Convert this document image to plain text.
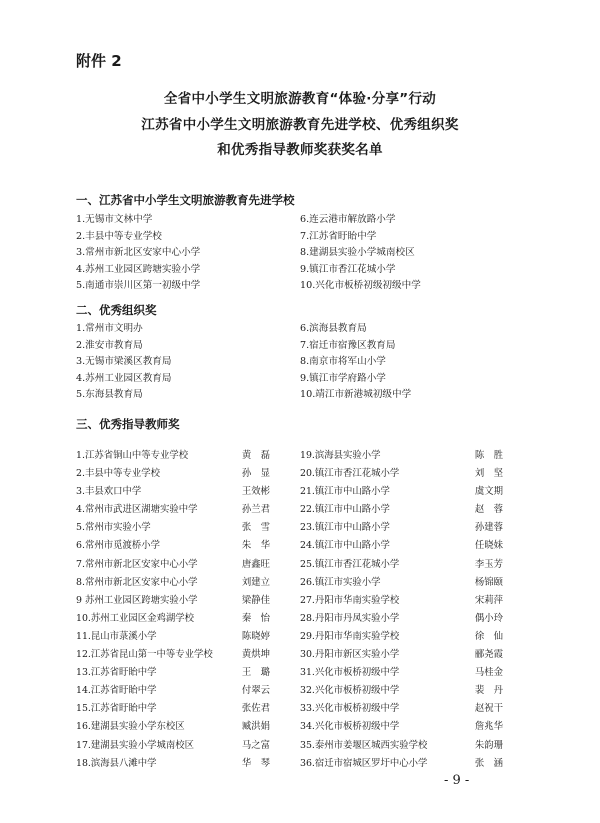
附件 2
全省中小学生文明旅游教育“体验·分享”行动
江苏省中小学生文明旅游教育先进学校、优秀组织奖
和优秀指导教师奖获奖名单
一、江苏省中小学生文明旅游教育先进学校
1.无锡市文林中学	6.连云港市解放路小学
2.丰县中等专业学校	7.江苏省盱眙中学
3.常州市新北区安家中心小学	8.建湖县实验小学城南校区
4.苏州工业园区跨塘实验小学	9.镇江市香江花城小学
5.南通市崇川区第一初级中学	10.兴化市板桥初级初级中学
二、优秀组织奖
1.常州市文明办	6.滨海县教育局
2.淮安市教育局	7.宿迁市宿豫区教育局
3.无锡市梁溪区教育局	8.南京市将军山小学
4.苏州工业园区教育局	9.镇江市学府路小学
5.东海县教育局	10.靖江市新港城初级中学
三、优秀指导教师奖
1.江苏省铜山中等专业学校	黄　磊	19.滨海县实验小学	陈　胜
2.丰县中等专业学校	孙　显	20.镇江市香江花城小学	刘　坚
3.丰县欢口中学	王效彬	21.镇江市中山路小学	虞文期
4.常州市武进区湖塘实验中学	孙兰君	22.镇江市中山路小学	赵　蓉
5.常州市实验小学	张　雪	23.镇江市中山路小学	孙建蓉
6.常州市觅渡桥小学	朱　华	24.镇江市中山路小学	任晓妹
7.常州市新北区安家中心小学	唐鑫旺	25.镇江市香江花城小学	李玉芳
8.常州市新北区安家中心小学	刘建立	26.镇江市实验小学	杨锦颐
9 苏州工业园区跨塘实验小学	梁静佳	27.丹阳市华南实验学校	宋莉萍
10.苏州工业园区金鸡湖学校	秦　怡	28.丹阳市丹凤实验小学	偶小玲
11.昆山市菉溪小学	陈晓婷	29.丹阳市华南实验学校	徐　仙
12.江苏省昆山第一中等专业学校	黄烘坤	30.丹阳市新区实验小学	郦尧霞
13.江苏省盱眙中学	王　璐	31.兴化市板桥初级中学	马桂金
14.江苏省盱眙中学	付翠云	32.兴化市板桥初级中学	裴　丹
15.江苏省盱眙中学	张佐君	33.兴化市板桥初级中学	赵祝干
16.建湖县实验小学东校区	臧洪娟	34.兴化市板桥初级中学	詹兆华
17.建湖县实验小学城南校区	马之富	35.泰州市姜堰区城西实验学校	朱韵珊
18.滨海县八滩中学	华　琴	36.宿迁市宿城区罗圩中心小学	张　涵
- 9 -
